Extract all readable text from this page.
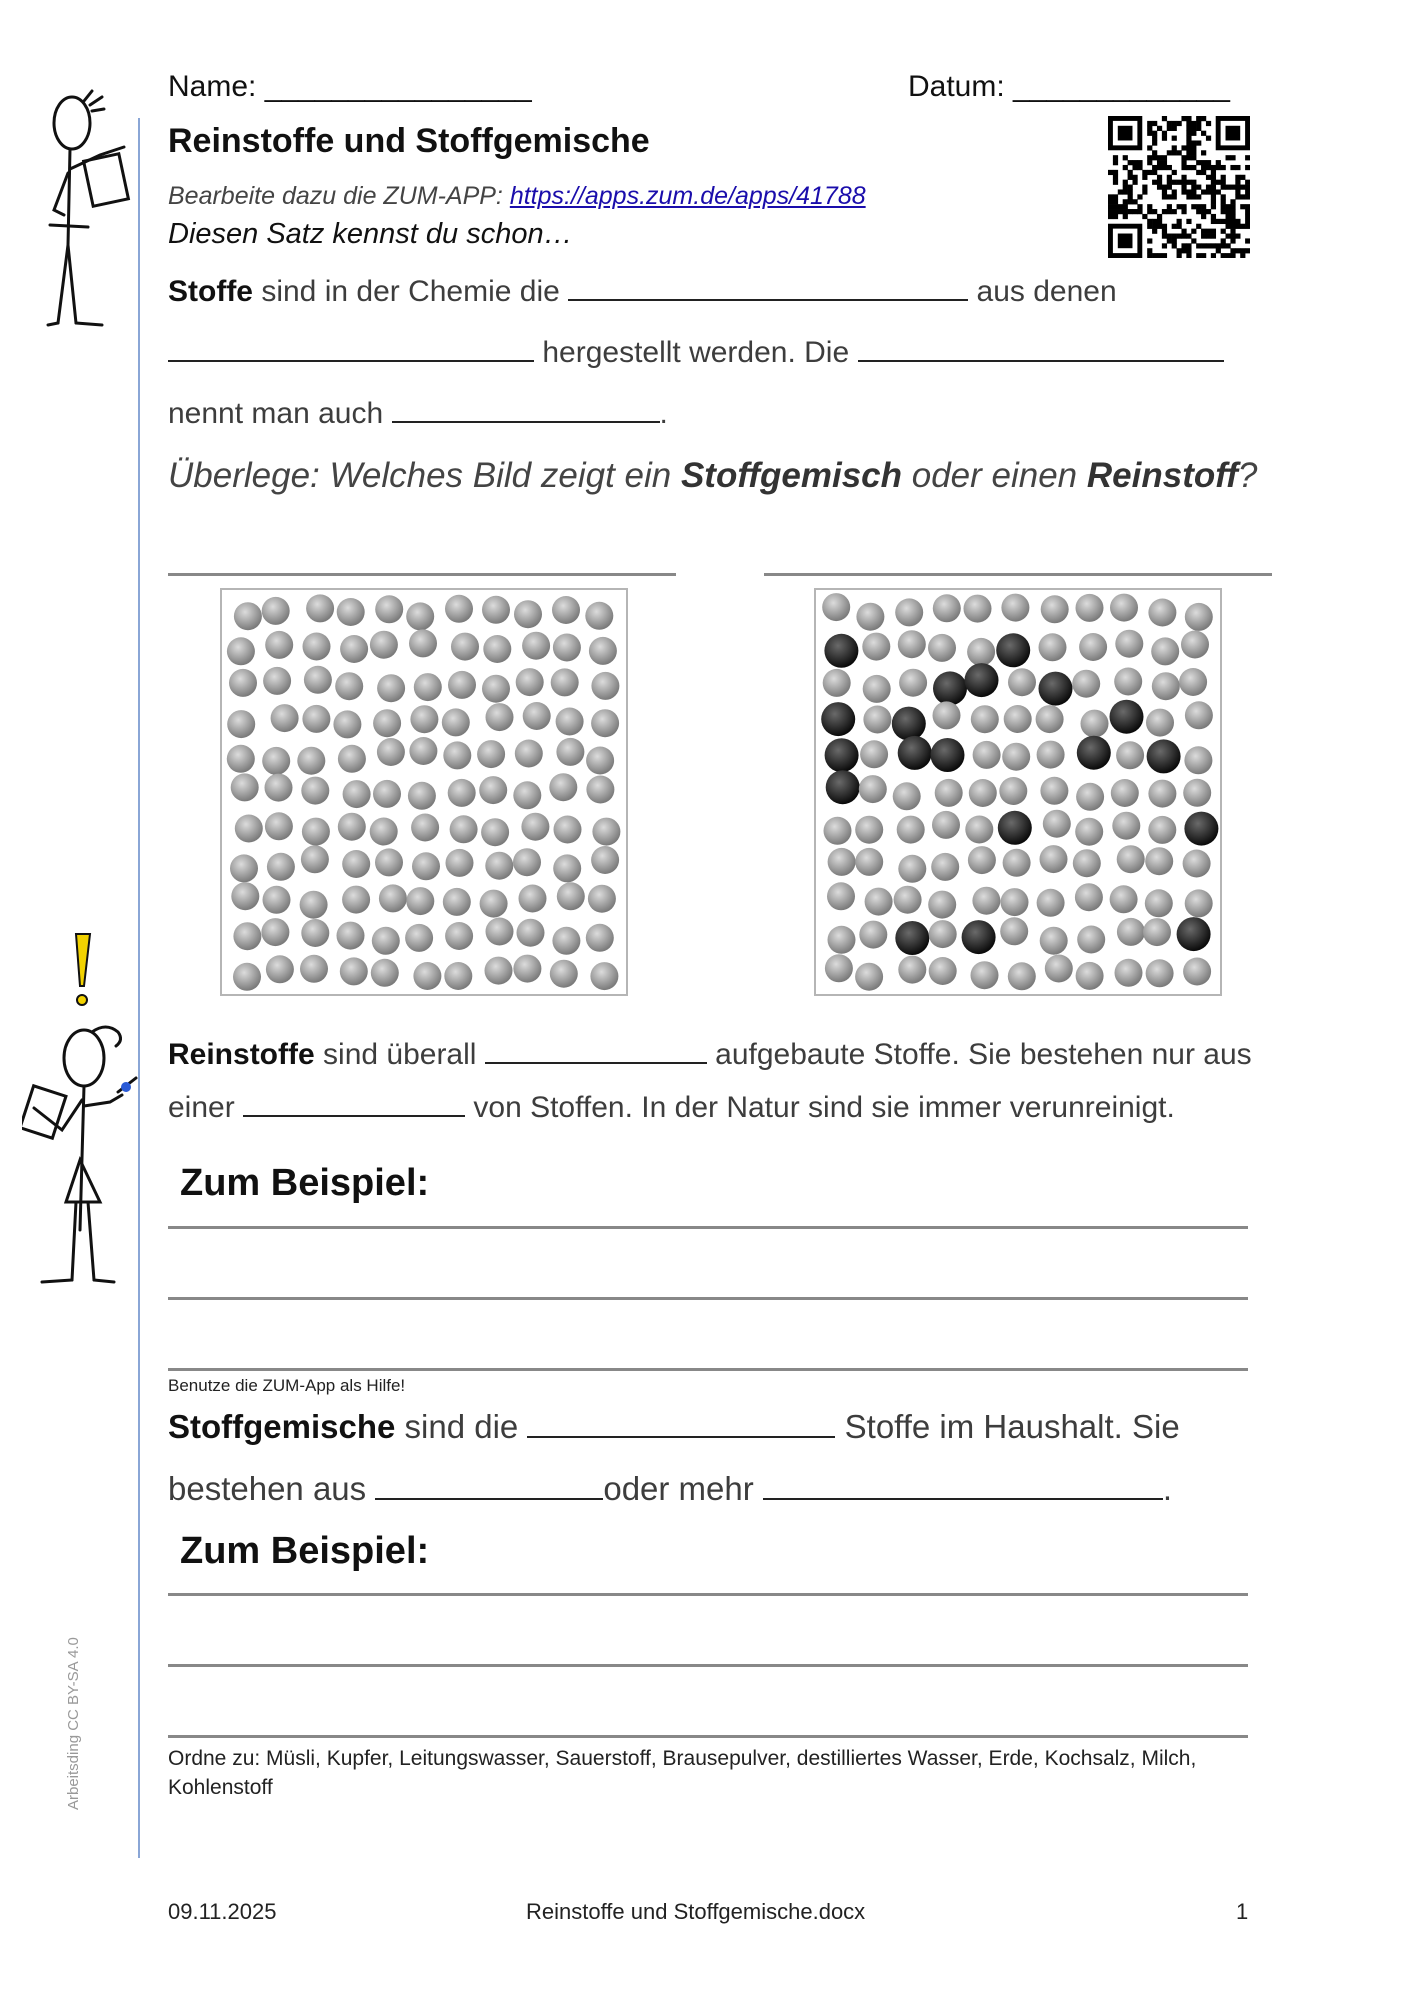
Arbeitsding CC BY-SA 4.0
Name: ________________	Datum: _____________
Reinstoffe und Stoffgemische
Bearbeite dazu die ZUM-APP: https://apps.zum.de/apps/41788
Diesen Satz kennst du schon…
Stoffe sind in der Chemie die	aus denen
hergestellt werden. Die
nennt man auch	.
Überlege: Welches Bild zeigt ein Stoffgemisch oder einen Reinstoff?
Reinstoffe sind überall	aufgebaute Stoffe. Sie bestehen nur aus
einer	von Stoffen. In der Natur sind sie immer verunreinigt.
Zum Beispiel:
Benutze die ZUM-App als Hilfe!
Stoffgemische sind die	Stoffe im Haushalt. Sie
bestehen aus	oder mehr	.
Zum Beispiel:
Ordne zu: Müsli, Kupfer, Leitungswasser, Sauerstoff, Brausepulver, destilliertes Wasser, Erde, Kochsalz, Milch, Kohlenstoff
09.11.2025	Reinstoffe und Stoffgemische.docx	1
